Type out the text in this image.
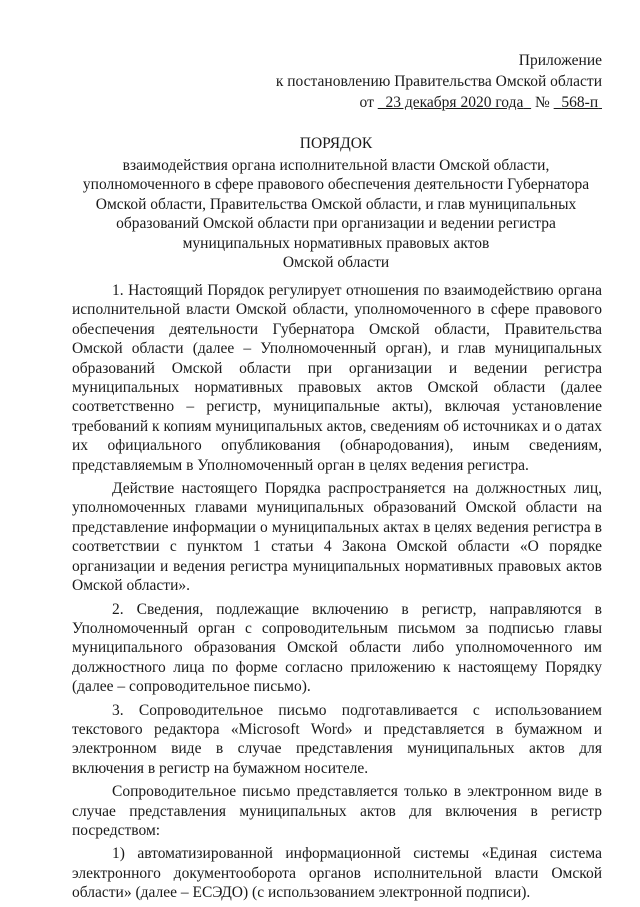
Приложение
к постановлению Правительства Омской области
от 23 декабря 2020 года № 568-п
ПОРЯДОК
взаимодействия органа исполнительной власти Омской области,
уполномоченного в сфере правового обеспечения деятельности Губернатора
Омской области, Правительства Омской области, и глав муниципальных
образований Омской области при организации и ведении регистра
муниципальных нормативных правовых актов
Омской области

1. Настоящий Порядок регулирует отношения по взаимодействию органа исполнительной власти Омской области, уполномоченного в сфере правового обеспечения деятельности Губернатора Омской области, Правительства Омской области (далее – Уполномоченный орган), и глав муниципальных образований Омской области при организации и ведении регистра муниципальных нормативных правовых актов Омской области (далее соответственно – регистр, муниципальные акты), включая установление требований к копиям муниципальных актов, сведениям об источниках и о датах их официального опубликования (обнародования), иным сведениям, представляемым в Уполномоченный орган в целях ведения регистра.

Действие настоящего Порядка распространяется на должностных лиц, уполномоченных главами муниципальных образований Омской области на представление информации о муниципальных актах в целях ведения регистра в соответствии с пунктом 1 статьи 4 Закона Омской области «О порядке организации и ведения регистра муниципальных нормативных правовых актов Омской области».

2. Сведения, подлежащие включению в регистр, направляются в Уполномоченный орган с сопроводительным письмом за подписью главы муниципального образования Омской области либо уполномоченного им должностного лица по форме согласно приложению к настоящему Порядку (далее – сопроводительное письмо).

3. Сопроводительное письмо подготавливается с использованием текстового редактора «Microsoft Word» и представляется в бумажном и электронном виде в случае представления муниципальных актов для включения в регистр на бумажном носителе.

Сопроводительное письмо представляется только в электронном виде в случае представления муниципальных актов для включения в регистр посредством:

1) автоматизированной информационной системы «Единая система электронного документооборота органов исполнительной власти Омской области» (далее – ЕСЭДО) (с использованием электронной подписи).
